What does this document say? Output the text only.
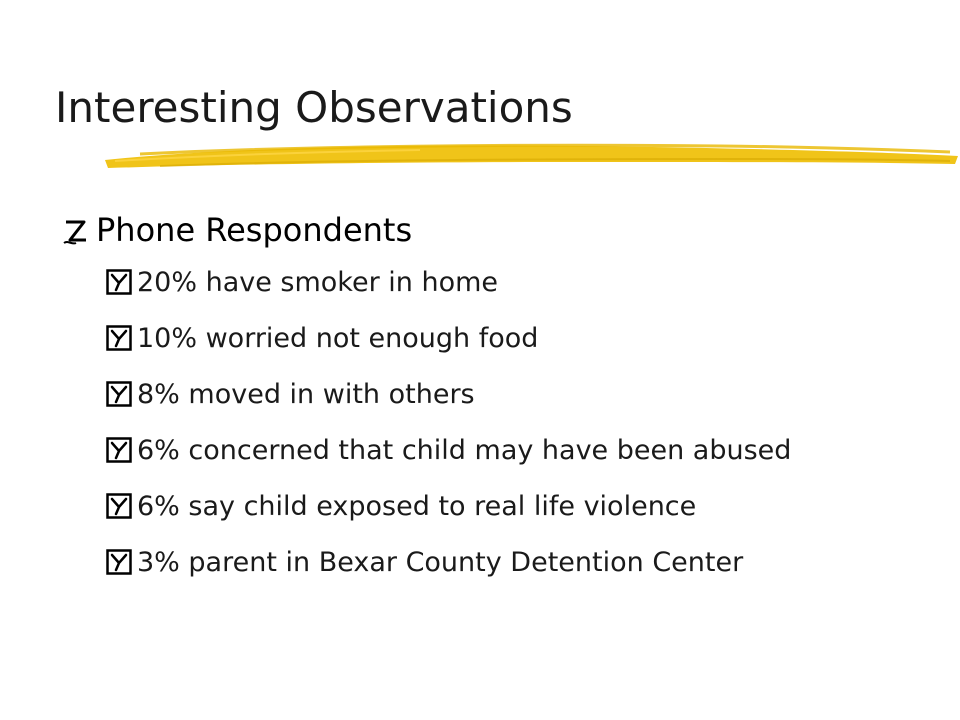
Interesting Observations
Phone Respondents
20% have smoker in home
10% worried not enough food
8% moved in with others
6% concerned that child may have been abused
6% say child exposed to real life violence
3% parent in Bexar County Detention Center
